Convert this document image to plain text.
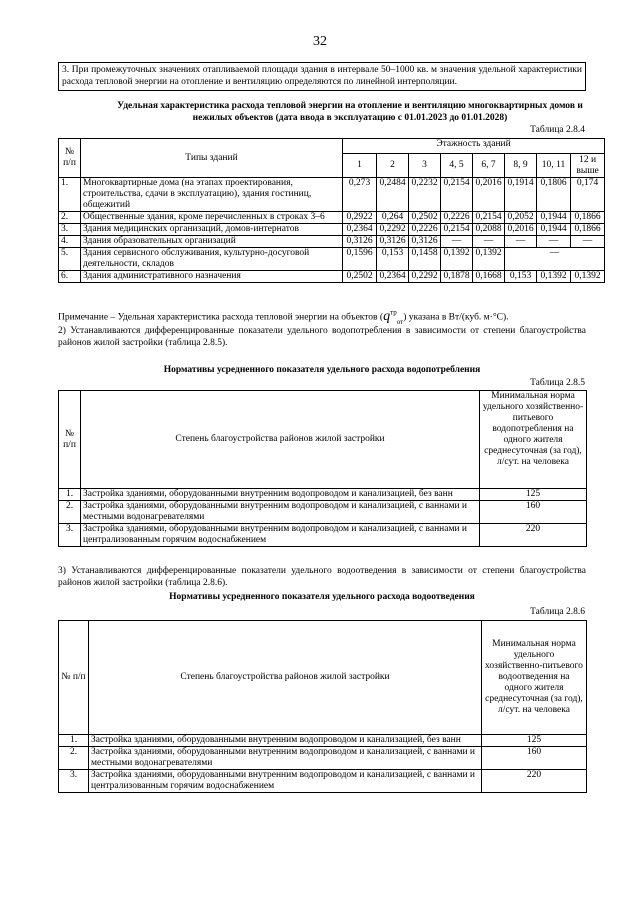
32
3. При промежуточных значениях отапливаемой площади здания в интервале 50–1000 кв. м значения удельной характеристики расхода тепловой энергии на отопление и вентиляцию определяются по линейной интерполяции.
Удельная характеристика расхода тепловой энергии на отопление и вентиляцию многоквартирных домов и нежилых объектов (дата ввода в эксплуатацию с 01.01.2023 до 01.01.2028)
Таблица 2.8.4
№ п/п	Типы зданий	Этажность зданий							
		1	2	3	4, 5	6, 7	8, 9	10, 11	12 и выше
1.	Многоквартирные дома (на этапах проектирования, строительства, сдачи в эксплуатацию), здания гостиниц, общежитий	0,273	0,2484	0,2232	0,2154	0,2016	0,1914	0,1806	0,174
2.	Общественные здания, кроме перечисленных в строках 3–6	0,2922	0,264	0,2502	0,2226	0,2154	0,2052	0,1944	0,1866
3.	Здания медицинских организаций, домов-интернатов	0,2364	0,2292	0,2226	0,2154	0,2088	0,2016	0,1944	0,1866
4.	Здания образовательных организаций	0,3126	0,3126	0,3126	—	—	—	—	—
5.	Здания сервисного обслуживания, культурно-досуговой деятельности, складов	0,1596	0,153	0,1458	0,1392	0,1392	—		
6.	Здания административного назначения	0,2502	0,2364	0,2292	0,1878	0,1668	0,153	0,1392	0,1392
Примечание – Удельная характеристика расхода тепловой энергии на объектов $(q^{тр}_{от})$ указана в Вт/(куб. м·°С).
2) Устанавливаются дифференцированные показатели удельного водопотребления в зависимости от степени благоустройства районов жилой застройки (таблица 2.8.5).
Нормативы усредненного показателя удельного расхода водопотребления
Таблица 2.8.5
№ п/п	Степень благоустройства районов жилой застройки	Минимальная норма удельного хозяйственно-питьевого водопотребления на одного жителя среднесуточная (за год), л/сут. на человека
1.	Застройка зданиями, оборудованными внутренним водопроводом и канализацией, без ванн	125
2.	Застройка зданиями, оборудованными внутренним водопроводом и канализацией, с ваннами и местными водонагревателями	160
3.	Застройка зданиями, оборудованными внутренним водопроводом и канализацией, с ваннами и централизованным горячим водоснабжением	220
3) Устанавливаются дифференцированные показатели удельного водоотведения в зависимости от степени благоустройства районов жилой застройки (таблица 2.8.6).
Нормативы усредненного показателя удельного расхода водоотведения
Таблица 2.8.6
№ п/п	Степень благоустройства районов жилой застройки	Минимальная норма удельного хозяйственно-питьевого водоотведения на одного жителя среднесуточная (за год), л/сут. на человека
1.	Застройка зданиями, оборудованными внутренним водопроводом и канализацией, без ванн	125
2.	Застройка зданиями, оборудованными внутренним водопроводом и канализацией, с ваннами и местными водонагревателями	160
3.	Застройка зданиями, оборудованными внутренним водопроводом и канализацией, с ваннами и централизованным горячим водоснабжением	220
